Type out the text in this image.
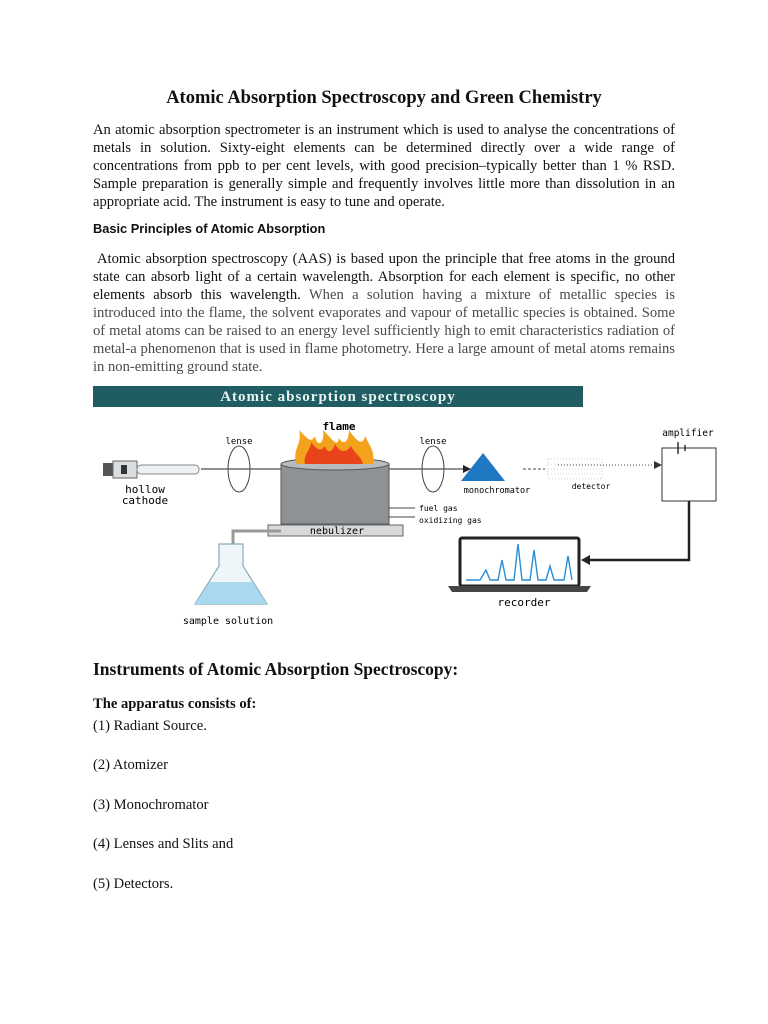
Atomic Absorption Spectroscopy and Green Chemistry

An atomic absorption spectrometer is an instrument which is used to analyse the concentrations of metals in solution. Sixty-eight elements can be determined directly over a wide range of concentrations from ppb to per cent levels, with good precision–typically better than 1 % RSD. Sample preparation is generally simple and frequently involves little more than dissolution in an appropriate acid. The instrument is easy to tune and operate.

Basic Principles of Atomic Absorption

Atomic absorption spectroscopy (AAS) is based upon the principle that free atoms in the ground state can absorb light of a certain wavelength. Absorption for each element is specific, no other elements absorb this wavelength. When a solution having a mixture of metallic species is introduced into the flame, the solvent evaporates and vapour of metallic species is obtained. Some of metal atoms can be raised to an energy level sufficiently high to emit characteristics radiation of metal-a phenomenon that is used in flame photometry. Here a large amount of metal atoms remains in non-emitting ground state.

Atomic absorption spectroscopy
hollow
cathode
lense
flame
nebulizer
fuel gas
oxidizing gas
sample solution
lense
monochromator	detector
amplifier
recorder
Instruments of Atomic Absorption Spectroscopy:

The apparatus consists of:

(1) Radiant Source.

(2) Atomizer

(3) Monochromator

(4) Lenses and Slits and

(5) Detectors.
